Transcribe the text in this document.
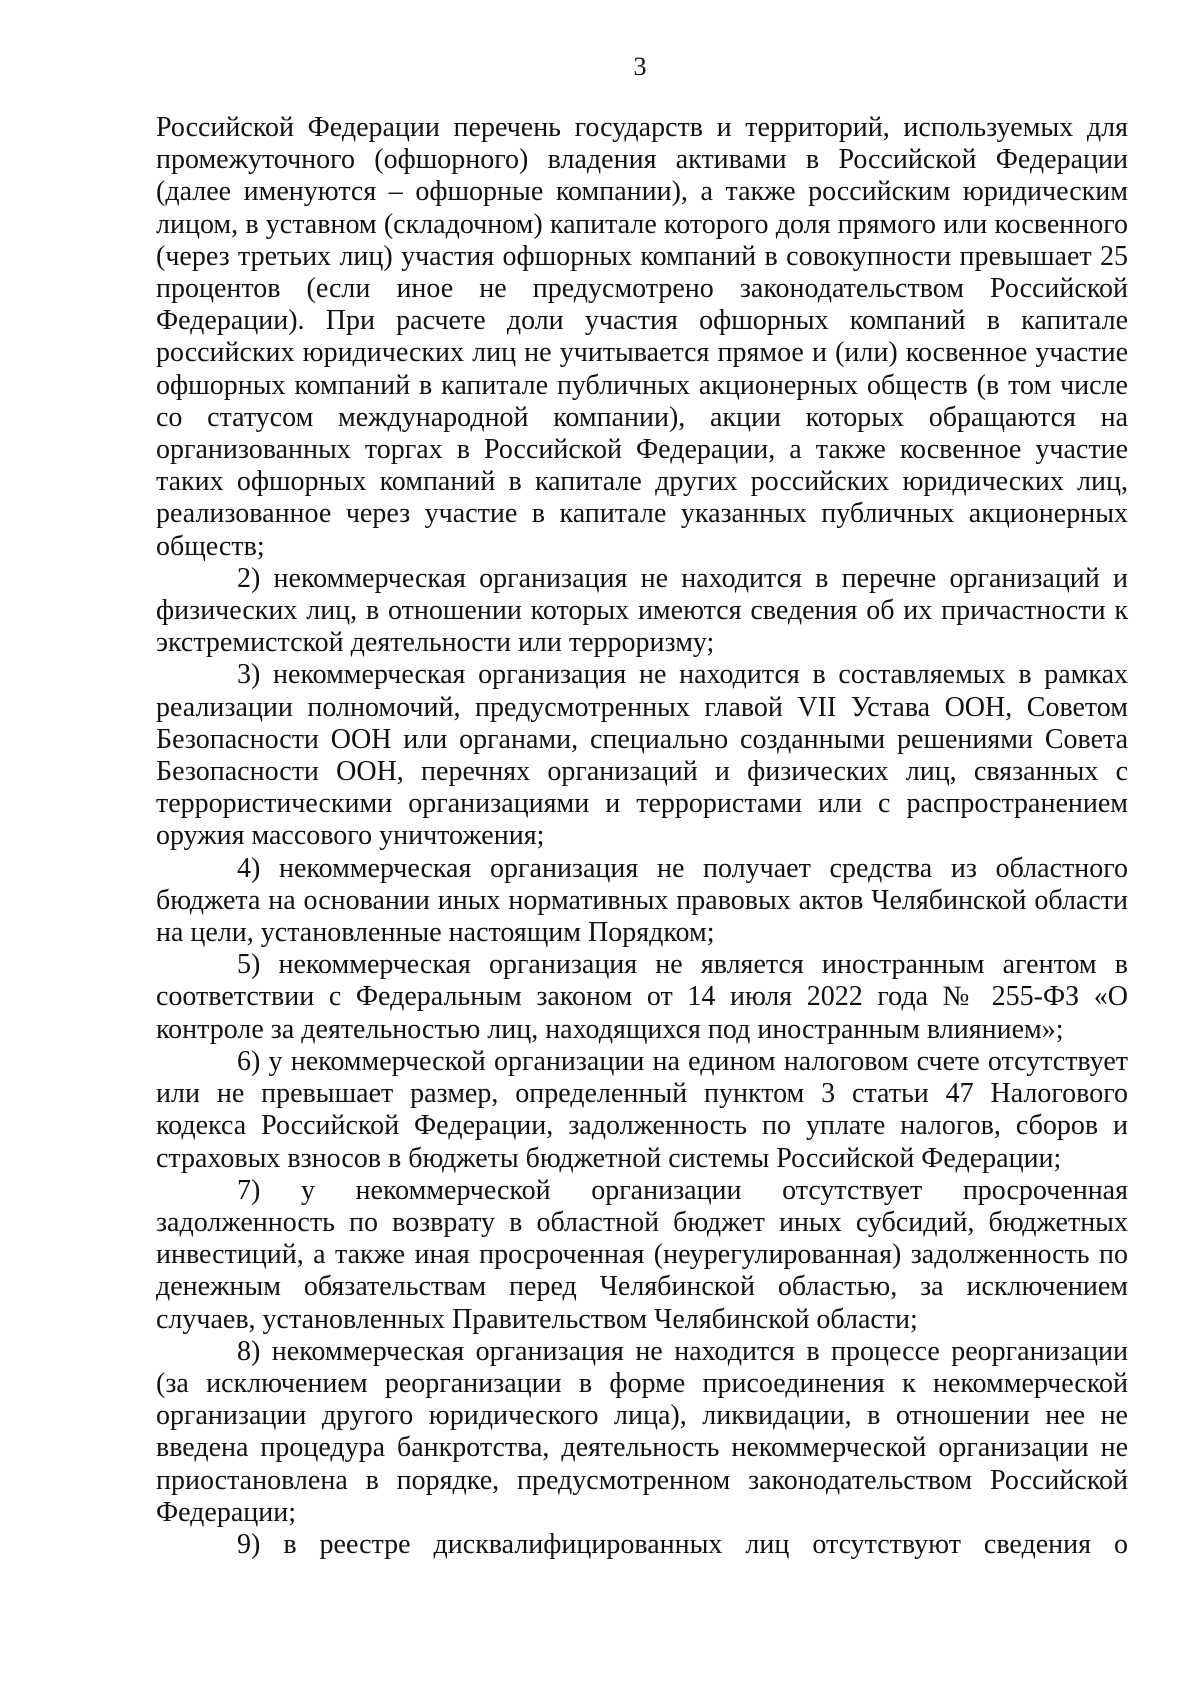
3

Российской Федерации перечень государств и территорий, используемых для промежуточного (офшорного) владения активами в Российской Федерации (далее именуются – офшорные компании), а также российским юридическим лицом, в уставном (складочном) капитале которого доля прямого или косвенного (через третьих лиц) участия офшорных компаний в совокупности превышает 25 процентов (если иное не предусмотрено законодательством Российской Федерации). При расчете доли участия офшорных компаний в капитале российских юридических лиц не учитывается прямое и (или) косвенное участие офшорных компаний в капитале публичных акционерных обществ (в том числе со статусом международной компании), акции которых обращаются на организованных торгах в Российской Федерации, а также косвенное участие таких офшорных компаний в капитале других российских юридических лиц, реализованное через участие в капитале указанных публичных акционерных обществ;

2) некоммерческая организация не находится в перечне организаций и физических лиц, в отношении которых имеются сведения об их причастности к экстремистской деятельности или терроризму;

3) некоммерческая организация не находится в составляемых в рамках реализации полномочий, предусмотренных главой VII Устава ООН, Советом Безопасности ООН или органами, специально созданными решениями Совета Безопасности ООН, перечнях организаций и физических лиц, связанных с террористическими организациями и террористами или с распространением оружия массового уничтожения;

4) некоммерческая организация не получает средства из областного бюджета на основании иных нормативных правовых актов Челябинской области на цели, установленные настоящим Порядком;

5) некоммерческая организация не является иностранным агентом в соответствии с Федеральным законом от 14 июля 2022 года № 255-ФЗ «О контроле за деятельностью лиц, находящихся под иностранным влиянием»;

6) у некоммерческой организации на едином налоговом счете отсутствует или не превышает размер, определенный пунктом 3 статьи 47 Налогового кодекса Российской Федерации, задолженность по уплате налогов, сборов и страховых взносов в бюджеты бюджетной системы Российской Федерации;

7) у некоммерческой организации отсутствует просроченная задолженность по возврату в областной бюджет иных субсидий, бюджетных инвестиций, а также иная просроченная (неурегулированная) задолженность по денежным обязательствам перед Челябинской областью, за исключением случаев, установленных Правительством Челябинской области;

8) некоммерческая организация не находится в процессе реорганизации (за исключением реорганизации в форме присоединения к некоммерческой организации другого юридического лица), ликвидации, в отношении нее не введена процедура банкротства, деятельность некоммерческой организации не приостановлена в порядке, предусмотренном законодательством Российской Федерации;

9) в реестре дисквалифицированных лиц отсутствуют сведения о
